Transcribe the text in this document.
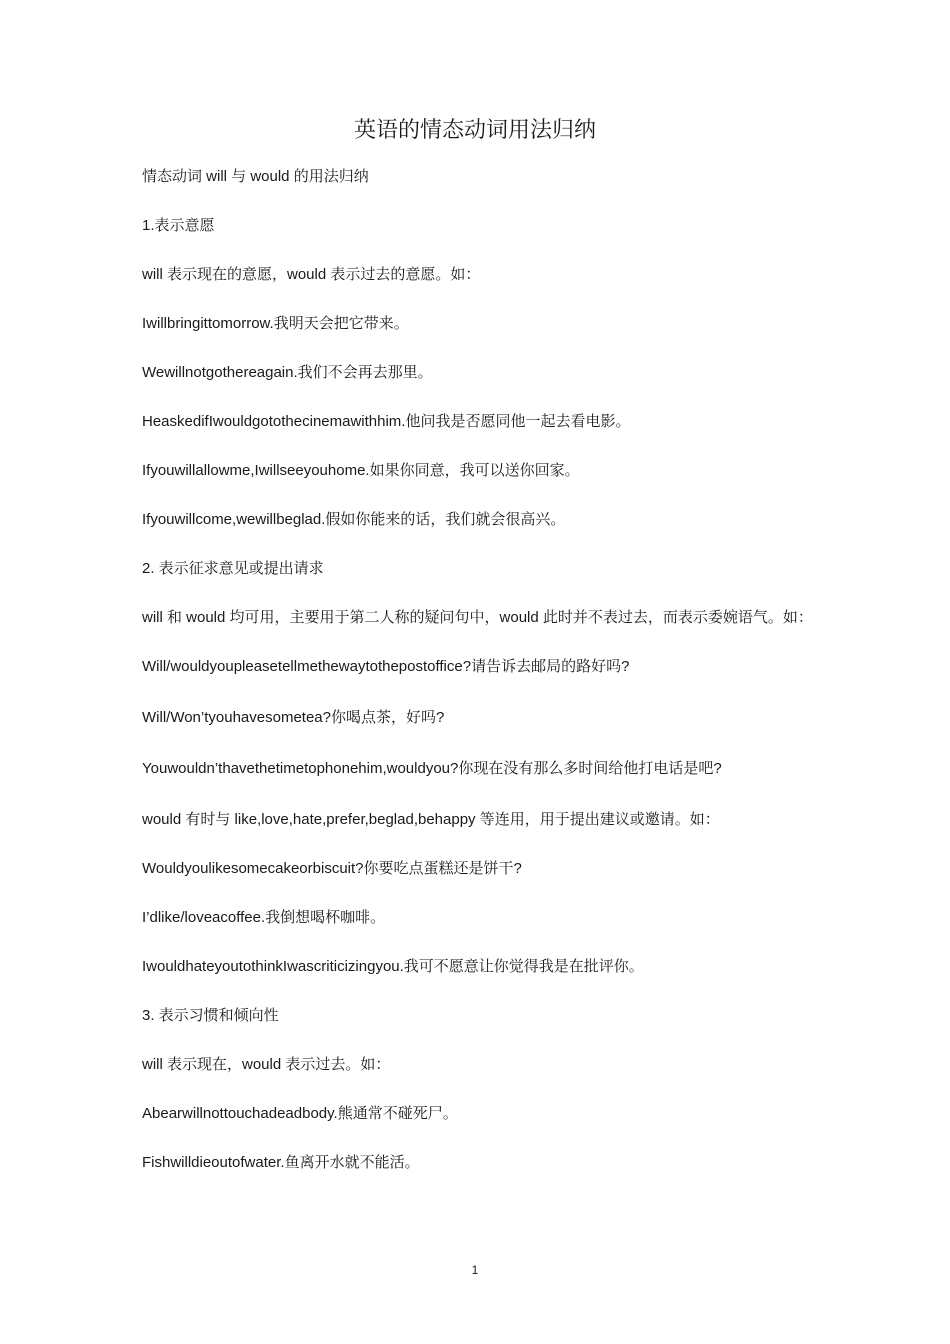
英语的情态动词用法归纳

情态动词 will 与 would 的用法归纳

1.表示意愿

will 表示现在的意愿，would 表示过去的意愿。如：

Iwillbringittomorrow.我明天会把它带来。

Wewillnotgothereagain.我们不会再去那里。

HeaskedifIwouldgotothecinemawithhim.他问我是否愿同他一起去看电影。

Ifyouwillallowme,Iwillseeyouhome.如果你同意，我可以送你回家。

Ifyouwillcome,wewillbeglad.假如你能来的话，我们就会很高兴。

2. 表示征求意见或提出请求

will 和 would 均可用，主要用于第二人称的疑问句中，would 此时并不表过去，而表示委婉语气。如：

Will/wouldyoupleasetellmethewaytothepostoffice?请告诉去邮局的路好吗?

Will/Won’tyouhavesometea?你喝点茶，好吗?

Youwouldn’thavethetimetophonehim,wouldyou?你现在没有那么多时间给他打电话是吧?

would 有时与 like,love,hate,prefer,beglad,behappy 等连用，用于提出建议或邀请。如：

Wouldyoulikesomecakeorbiscuit?你要吃点蛋糕还是饼干?

I’dlike/loveacoffee.我倒想喝杯咖啡。

IwouldhateyoutothinkIwascriticizingyou.我可不愿意让你觉得我是在批评你。

3. 表示习惯和倾向性

will 表示现在，would 表示过去。如：

Abearwillnottouchadeadbody.熊通常不碰死尸。

Fishwilldieoutofwater.鱼离开水就不能活。

1
